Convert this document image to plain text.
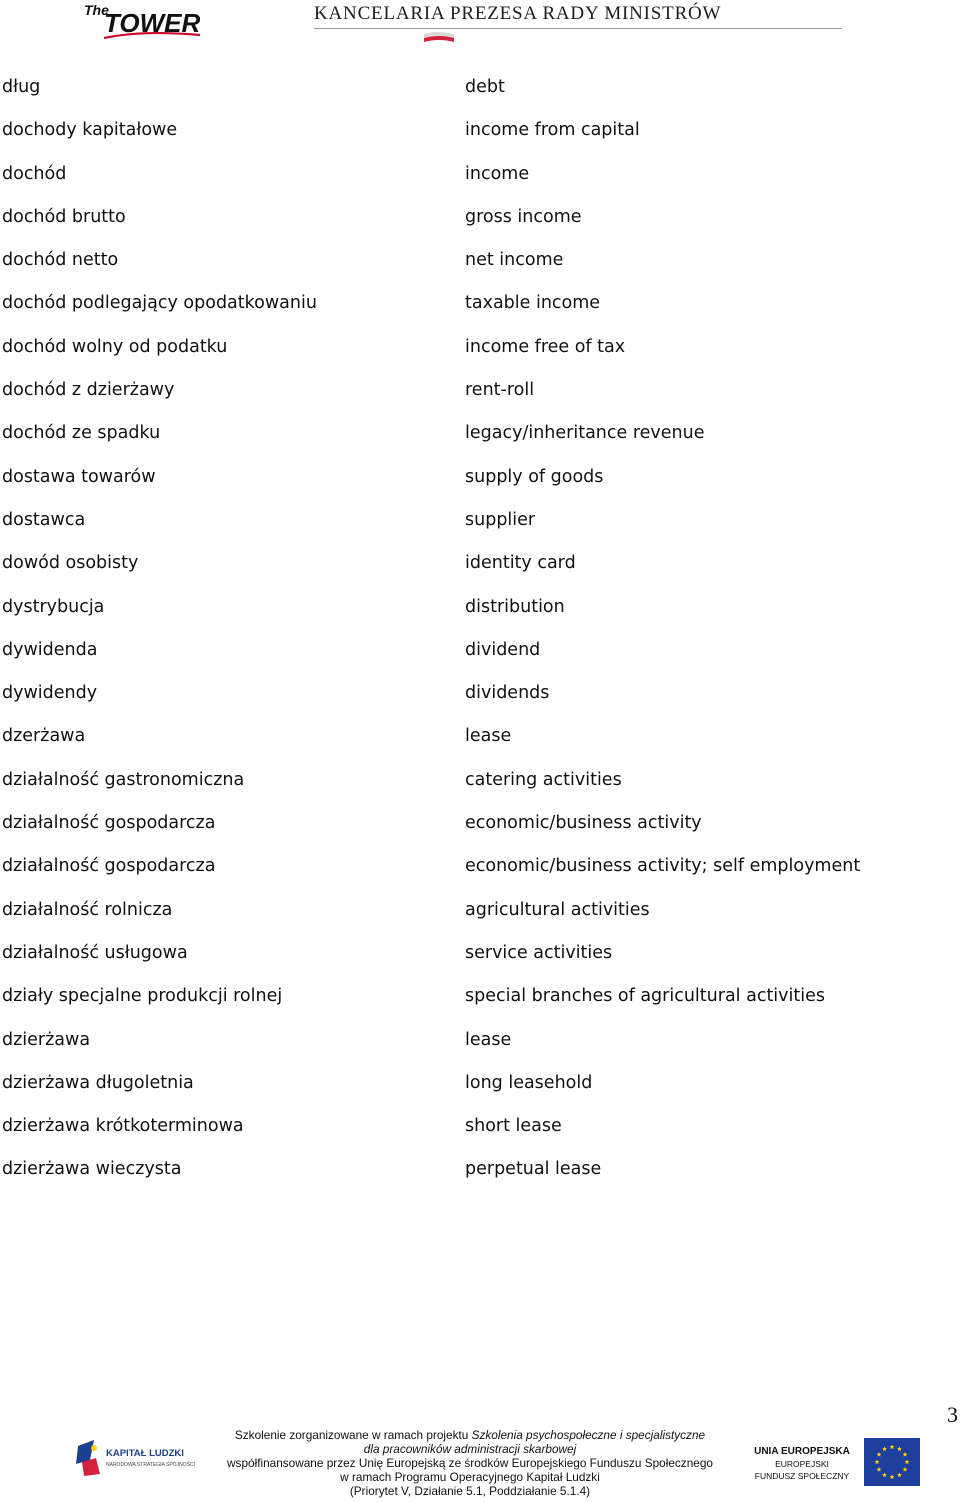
The
TOWER	KANCELARIA PREZESA RADY MINISTRÓW
dług	debt
dochody kapitałowe	income from capital
dochód	income
dochód brutto	gross income
dochód netto	net income
dochód podlegający opodatkowaniu	taxable income
dochód wolny od podatku	income free of tax
dochód z dzierżawy	rent-roll
dochód ze spadku	legacy/inheritance revenue
dostawa towarów	supply of goods
dostawca	supplier
dowód osobisty	identity card
dystrybucja	distribution
dywidenda	dividend
dywidendy	dividends
dzerżawa	lease
działalność gastronomiczna	catering activities
działalność gospodarcza	economic/business activity
działalność gospodarcza	economic/business activity; self employment
działalność rolnicza	agricultural activities
działalność usługowa	service activities
działy specjalne produkcji rolnej	special branches of agricultural activities
dzierżawa	lease
dzierżawa długoletnia	long leasehold
dzierżawa krótkoterminowa	short lease
dzierżawa wieczysta	perpetual lease
3
KAPITAŁ LUDZKI
NARODOWA STRATEGIA SPÓJNOŚCI
Szkolenie zorganizowane w ramach projektu Szkolenia psychospołeczne i specjalistyczne
dla pracowników administracji skarbowej
współfinansowane przez Unię Europejską ze środków Europejskiego Funduszu Społecznego
w ramach Programu Operacyjnego Kapitał Ludzki
(Priorytet V, Działanie 5.1, Poddziałanie 5.1.4)
UNIA EUROPEJSKA
EUROPEJSKI
FUNDUSZ SPOŁECZNY
